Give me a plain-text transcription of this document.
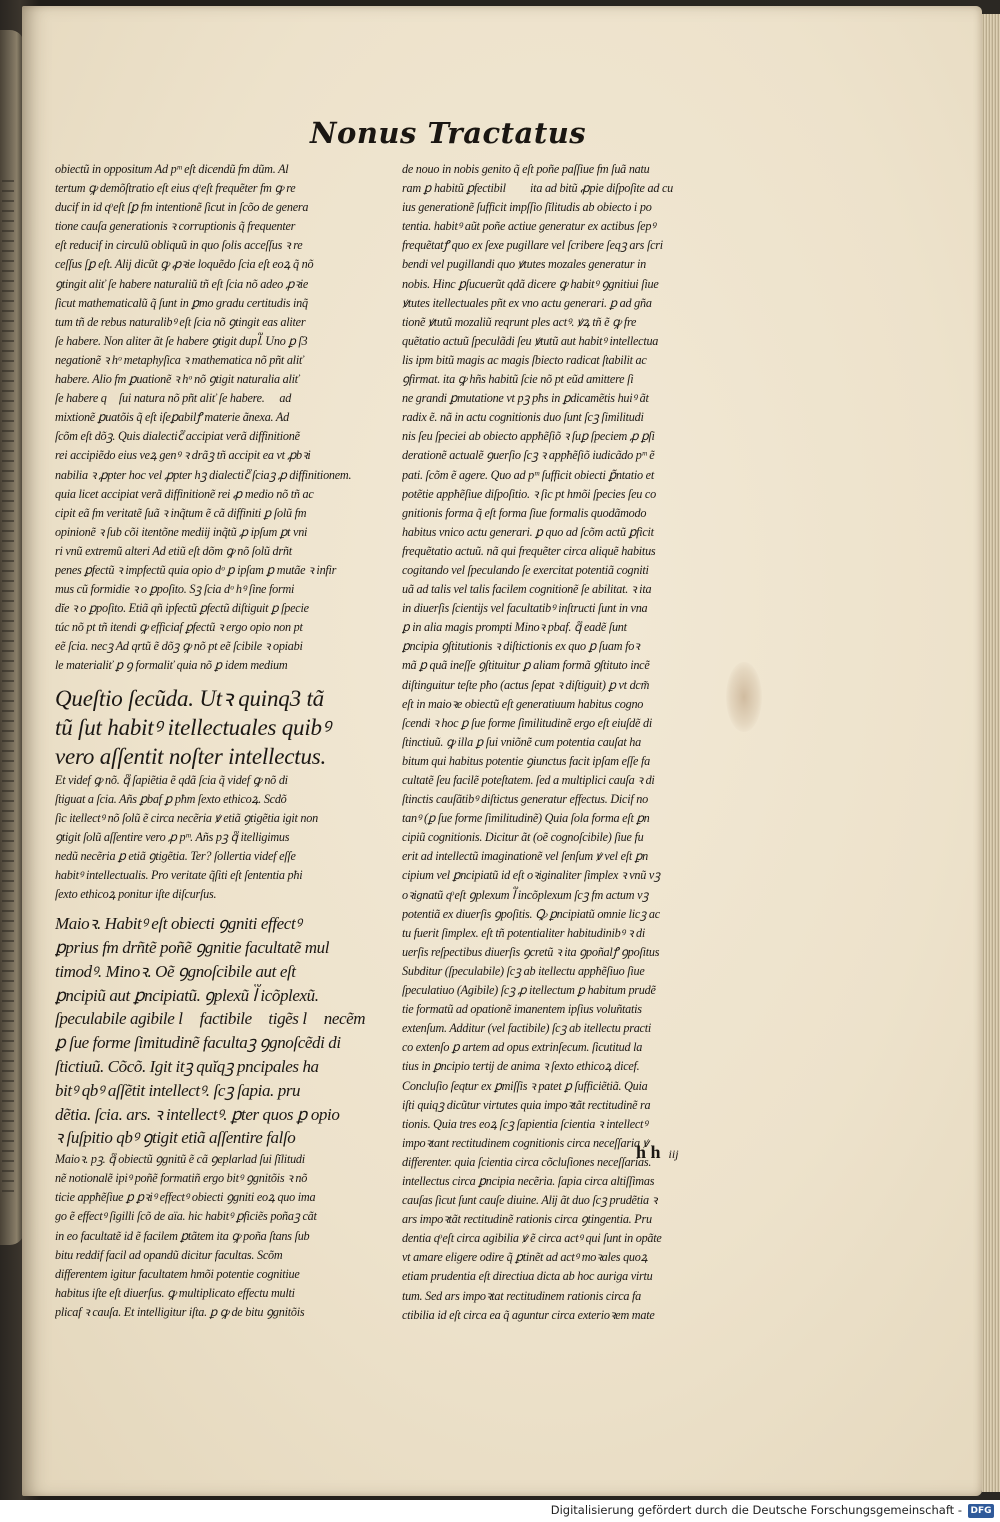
Nonus Tractatus
obiectũ in oppositum Ad pᵐ eſt dicendũ fm dũm. Al
tertum ꝙ demõſtratio eſt eius qͦ eſt frequẽter fm ꝙ re
ducif in id qͦ eſt ſꝑ fm intentionẽ ſicut in ſcõo de genera
tione cauſa generationis ꝛ corruptionis q̃ frequenter
eſt reducif in circulũ obliquũ in quo ſolis acceſſus ꝛ re
ceſſus ſꝑ eſt. Alij dicũt ꝙ ꝓꝛie loquẽdo ſcia eſt eoꝝ q̃ nõ
ꝯtingit aliť ſe habere naturaliũ tñ eſt ſcia nõ adeo ꝓꝛie
ſicut mathematicalũ q̃ ſunt in ꝑmo gradu certitudis inq̃
tum tñ de rebus naturalibꝰ eſt ſcia nõ ꝯtingit eas aliter
ſe habere. Non aliter ãt ſe habere ꝯtigit dupl᷑. Uno ꝑ ſ3
negationẽ ꝛ hᵒ metaphyſica ꝛ mathematica nõ pñt aliť
habere. Alio fm ꝑuationẽ ꝛ hᵒ nõ ꝯtigit naturalia aliť
ſe habere q᷑ ſui natura nõ pñt aliť ſe habere. ꝑ ad
mixtionẽ ꝑuatõis q̃ eſt iſeꝑabilꝭ materie ãnexa. Ad
ſcõm eſt dõꝫ. Quis dialectic᷑ accipiat verã diffinitionẽ
rei accipiẽdo eius veꝝ genꝰ ꝛ drãꝫ tñ accipit ea vt ꝓbꝛi
nabilia ꝛ ꝓpter hoc vel ꝓpter hꝫ dialectic᷑ ſciaꝫ ꝓ diffinitionem.
quia licet accipiat verã diffinitionẽ rei ꝓ medio nõ tñ ac
cipit eã fm veritatẽ ſuã ꝛ inq̃tum ẽ cã diffiniti ꝑ ſolũ fm
opinionẽ ꝛ ſub cõi itentõne mediĳ inq̃tũ ꝓ ipſum ꝑt vni
ri vnũ extremũ alteri Ad etiũ eſt dõm ꝙ nõ ſolũ drñt
penes ꝑfectũ ꝛ impfectũ quia opio dᵒ ꝑ ipſam ꝑ mutãe ꝛ infir
mus cũ formidie ꝛ o ꝑpoſito. Sꝫ ſcia dᵒ hꝰ ſine formi
dĭe ꝛ o ꝑpoſito. Etiã qñ ipfectũ ꝑfectũ diſtiguit ꝑ ſpecie
túc nõ pt tñ itendi ꝙ efficiaf ꝑfectũ ꝛ ergo opio non pt
eẽ ſcia. necꝫ Ad qrtũ ẽ dõꝫ ꝙ nõ pt eẽ ſcibile ꝛ opiabi
le materialiť ꝑ ꝯ formaliť quia nõ ꝑ idem medium
Queſtio ſecũda. Utꝛ quinq3 tã
tũ ſut habitꝰ itellectuales quibꝰ
vero aſſentit noſter intellectus.
Et videf ꝙ nõ. q᷑ ſapiẽtia ẽ qdã ſcia q̃ videf ꝙ nõ di
ſtiguat a ſcia. Añs ꝑbaf ꝑ pħm ſexto ethicoꝝ. Scdõ
ſic itellectꝰ nõ ſolũ ẽ circa necẽria ꝟ etiã ꝯtigẽtia igit non
ꝯtigit ſolũ aſſentire vero ꝓ pᵐ. Añs pꝫ q᷑ itelligimus
nedũ necẽria ꝑ etiã ꝯtigẽtia. Ter? ſollertia videf eſſe
habitꝰ intellectualis. Pro veritate q̃ſiti eſt ſententia pħi
ſexto ethicoꝝ ponitur iſte diſcurſus.
Maioꝛ. Habitꝰ eſt obiecti ꝯgniti effectꝰ
ꝑprius fm drñtẽ poñẽ ꝯgnitie facultatẽ mul
timodꝰ. Minoꝛ. Oẽ ꝯgnoſcibile aut eſt
ꝑncipiũ aut ꝑncipiatũ. ꝯplexũ l᷑ icõplexũ.
ſpeculabile agibile l᷑ factibile ꝯtigẽs l᷑ necẽm
ꝑ ſue forme ſimitudinẽ facultaꝫ ꝯgnoſcẽdi di
ſtictiuũ. Cõcõ. Igit itꝫ quĭqꝫ pncipales ha
bitꝰ qbꝰ aſſẽtit intellectꝰ. ſcꝫ ſapia. pru
dẽtia. ſcia. ars. ꝛ intellectꝰ. ꝑter quos ꝑ opio
ꝛ ſuſpitio qbꝰ ꝯtigit etiã aſſentire falſo
Maioꝛ. pꝫ. q᷑ obiectũ ꝯgnitũ ẽ cã ꝯeplarlad ſui ſĭlitudi
nẽ notionalẽ ipiꝰ poñẽ formatiñ ergo bitꝰ ꝯgnitõis ꝛ nõ
ticie appħẽſiue ꝑ ꝑꝛiꝰ effectꝰ obiecti ꝯgniti eoꝝ quo ima
go ẽ effectꝰ ſigilli ſcõ de aïa. hic habitꝰ ꝑficiẽs poñaꝫ cãt
in eo facultatẽ id ẽ facilem ꝑtãtem ita ꝙ poña ſtans ſub
bitu reddif facil ad opandũ dicitur facultas. Scõm
differentem igitur facultatem hmõi potentie cognitiue
habitus iſte eſt diuerſus. ꝙ multiplicato effectu multi
plicaf ꝛ cauſa. Et intelligitur iſta. ꝑ ꝙ de bitu ꝯgnitõis
de nouo in nobis genito q̃ eſt poñe paſſiue fm ſuã natu
ram ꝑ habitũ ꝑfectibil᷑ ꝛ ita ad bitũ ꝓpie diſpoſite ad cu
ius generationẽ ſufficit impſſio ſĭlitudis ab obiecto i po
tentia. habitꝰ aũt poñe actiue generatur ex actibus ſepꝰ
frequẽtatꝭ quo ex ſexe pugillare vel ſcribere ſeqꝫ ars ſcri
bendi vel pugillandi quo ꝟtutes mozales generatur in
nobis. Hinc ꝑſucuerũt qdã dicere ꝙ habitꝰ ꝯgnitiui ſiue
ꝟtutes itellectuales pñt ex vno actu generari. ꝑ ad gña
tionẽ ꝟtutũ mozaliũ reqrunt ples actꝰ. ꝟꝝ tñ ẽ ꝙ fre
quẽtatio actuũ ſpeculãdi ſeu ꝟtutũ aut habitꝰ intellectua
lis ipm bitũ magis ac magis ſbiecto radicat ſtabilit ac
ꝯfirmat. ita ꝙ hñs habitũ ſcie nõ pt eũd amittere ſi
ne grandi ꝑmutatione vt pꝫ pħs in ꝑdicamẽtis huiꝰ ãt
radix ẽ. nã in actu cognitionis duo ſunt ſcꝫ ſimilitudi
nis ſeu ſpeciei ab obiecto appħẽſiõ ꝛ ſuꝑ ſpeciem ꝓ ꝑſi
derationẽ actualẽ ꝯuerſio ſcꝫ ꝛ appħẽſiõ iudicãdo pᵐ ẽ
pati. ſcõm ẽ agere. Quo ad pᵐ ſufficit obiecti ꝑ̃ntatio et
potẽtie appħẽſiue diſpoſitio. ꝛ ſic pt hmõi ſpecies ſeu co
gnitionis forma q̃ eſt forma ſiue formalis quodãmodo
habitus vnico actu generari. ꝑ quo ad ſcõm actũ ꝑficit
frequẽtatio actuũ. nã qui frequẽter circa aliquẽ habitus
cogitando vel ſpeculando ſe exercitat potentiã cogniti
uã ad talis vel talis facilem cognitionẽ ſe abilitat. ꝛ ita
in diuerſis ſcientĳs vel facultatibꝰ inſtructi ſunt in vna
ꝑ in alia magis prompti Minoꝛ pbaf. q᷑ eadẽ ſunt
ꝑncipia ꝯſtitutionis ꝛ diſtictionis ex quo ꝑ ſuam foꝛ
mã ꝑ quã ineſſe ꝯſtituitur ꝑ aliam formã ꝯſtituto incẽ
diſtinguitur teſte pħo (actus ſepat ꝛ diſtiguit) ꝑ vt dcm̃
eſt in maioꝛe obiectũ eſt generatiuum habitus cogno
ſcendi ꝛ hoc ꝑ ſue forme ſimilitudinẽ ergo eſt eiuſdẽ di
ſtinctiuũ. ꝙ illa ꝑ ſui vniõnẽ cum potentia cauſat ha
bitum qui habitus potentie ꝯiunctus facit ipſam eſſe fa
cultatẽ ſeu facilẽ poteſtatem. ſed a multiplici cauſa ꝛ di
ſtinctis cauſãtibꝰ diſtictus generatur effectus. Dicif no
tanꝰ (ꝑ ſue forme ſimilitudinẽ) Quia ſola forma eſt ꝑn
cipiũ cognitionis. Dicitur ãt (oẽ cognoſcibile) ſiue fu
erit ad intellectũ imaginationẽ vel ſenſum ꝟ vel eſt ꝑn
cipium vel ꝑncipiatũ id eſt oꝛiginaliter ſimplex ꝛ vnũ vꝫ
oꝛignatũ qͦ eſt ꝯplexum l᷑ incõplexum ſcꝫ fm actum vꝫ
potentiã ex diuerſis ꝯpoſitis. Ꝙ ꝑncipiatũ omnie licꝫ ac
tu fuerit ſimplex. eſt tñ potentialiter habitudinibꝰ ꝛ di
uerſis reſpectibus diuerſis ꝯcretũ ꝛ ita ꝯpoñalꝭ ꝯpoſitus
Subditur (ſpeculabile) ſcꝫ ab itellectu appħẽſiuo ſiue
ſpeculatiuo (Agibile) ſcꝫ ꝓ itellectum ꝑ habitum prudẽ
tie formatũ ad opationẽ imanentem ipſius voluñtatis
extenſum. Additur (vel factibile) ſcꝫ ab itellectu practi
co extenſo ꝑ artem ad opus extrinſecum. ſicutitud la
tius in ꝑncipio tertĳ de anima ꝛ ſexto ethicoꝝ dicef.
Concluſio ſeqtur ex ꝑmiſſis ꝛ patet ꝑ ſufficiẽtiã. Quia
iſti quiqꝫ dicũtur virtutes quia impoꝛtãt rectitudinẽ ra
tionis. Quia tres eoꝝ ſcꝫ ſapientia ſcientia ꝛ intellectꝰ
impoꝛtant rectitudinem cognitionis circa neceſſaria ꝟ
differenter. quia ſcientia circa cõcluſiones neceſſarias.
intellectus circa ꝑncipia necẽria. ſapia circa altiſſimas
cauſas ſicut ſunt cauſe diuine. Alĳ ãt duo ſcꝫ prudẽtia ꝛ
ars impoꝛtãt rectitudinẽ rationis circa ꝯtingentia. Pru
dentia qͦ eſt circa agibilia ꝟ ẽ circa actꝰ qui ſunt in opãte
vt amare eligere odire q̃ ꝑtinẽt ad actꝰ moꝛales quoꝝ
etiam prudentia eſt directiua dicta ab hoc auriga virtu
tum. Sed ars impoꝛtat rectitudinem rationis circa fa
ctibilia id eſt circa ea q̃ aguntur circa exterioꝛem mate
h h iij
Digitalisierung gefördert durch die Deutsche Forschungsgemeinschaft - DFG
